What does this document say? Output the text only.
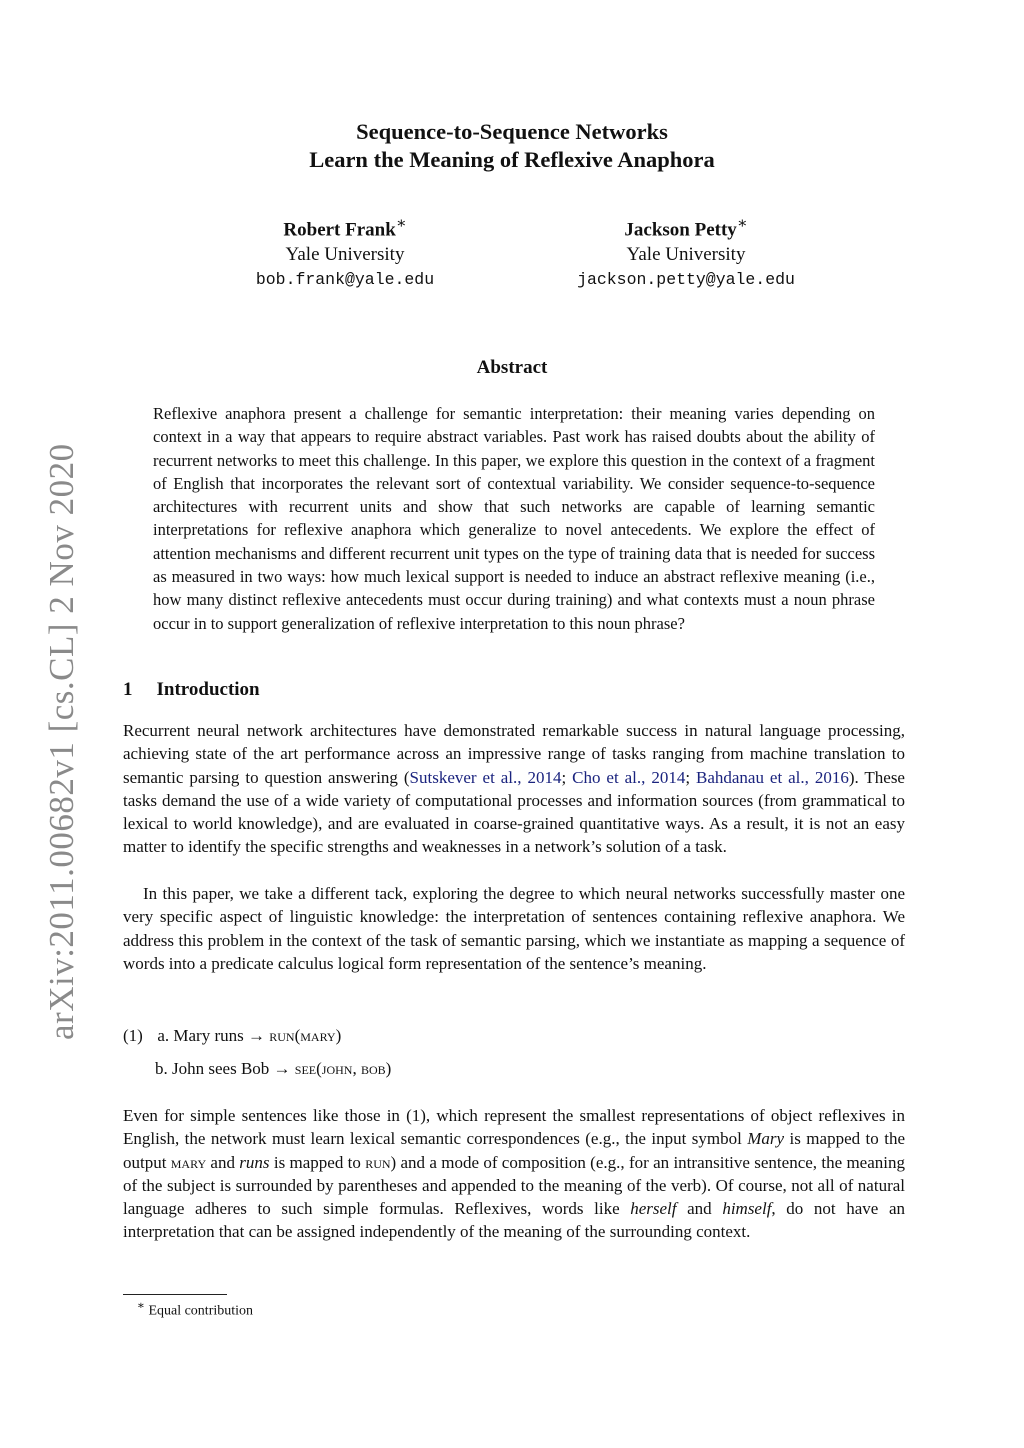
arXiv:2011.00682v1 [cs.CL] 2 Nov 2020
Sequence-to-Sequence Networks
Learn the Meaning of Reflexive Anaphora
Robert Frank∗
Yale University
bob.frank@yale.edu
Jackson Petty∗
Yale University
jackson.petty@yale.edu
Abstract
Reflexive anaphora present a challenge for semantic interpretation: their meaning varies depending on context in a way that appears to require abstract variables. Past work has raised doubts about the ability of recurrent networks to meet this challenge. In this paper, we explore this question in the context of a fragment of English that incorporates the relevant sort of contextual variability. We consider sequence-to-sequence architectures with recurrent units and show that such networks are capable of learning semantic interpretations for reflexive anaphora which generalize to novel antecedents. We explore the effect of attention mechanisms and different recurrent unit types on the type of training data that is needed for success as measured in two ways: how much lexical support is needed to induce an abstract reflexive meaning (i.e., how many distinct reflexive antecedents must occur during training) and what contexts must a noun phrase occur in to support generalization of reflexive interpretation to this noun phrase?
1 Introduction
Recurrent neural network architectures have demonstrated remarkable success in natural language processing, achieving state of the art performance across an impressive range of tasks ranging from machine translation to semantic parsing to question answering (Sutskever et al., 2014; Cho et al., 2014; Bahdanau et al., 2016). These tasks demand the use of a wide variety of computational processes and information sources (from grammatical to lexical to world knowledge), and are evaluated in coarse-grained quantitative ways. As a result, it is not an easy matter to identify the specific strengths and weaknesses in a network’s solution of a task.
In this paper, we take a different tack, exploring the degree to which neural networks successfully master one very specific aspect of linguistic knowledge: the interpretation of sentences containing reflexive anaphora. We address this problem in the context of the task of semantic parsing, which we instantiate as mapping a sequence of words into a predicate calculus logical form representation of the sentence’s meaning.
(1) a. Mary runs → run(mary)
b. John sees Bob → see(john, bob)
Even for simple sentences like those in (1), which represent the smallest representations of object reflexives in English, the network must learn lexical semantic correspondences (e.g., the input symbol Mary is mapped to the output mary and runs is mapped to run) and a mode of composition (e.g., for an intransitive sentence, the meaning of the subject is surrounded by parentheses and appended to the meaning of the verb). Of course, not all of natural language adheres to such simple formulas. Reflexives, words like herself and himself, do not have an interpretation that can be assigned independently of the meaning of the surrounding context.
∗ Equal contribution
